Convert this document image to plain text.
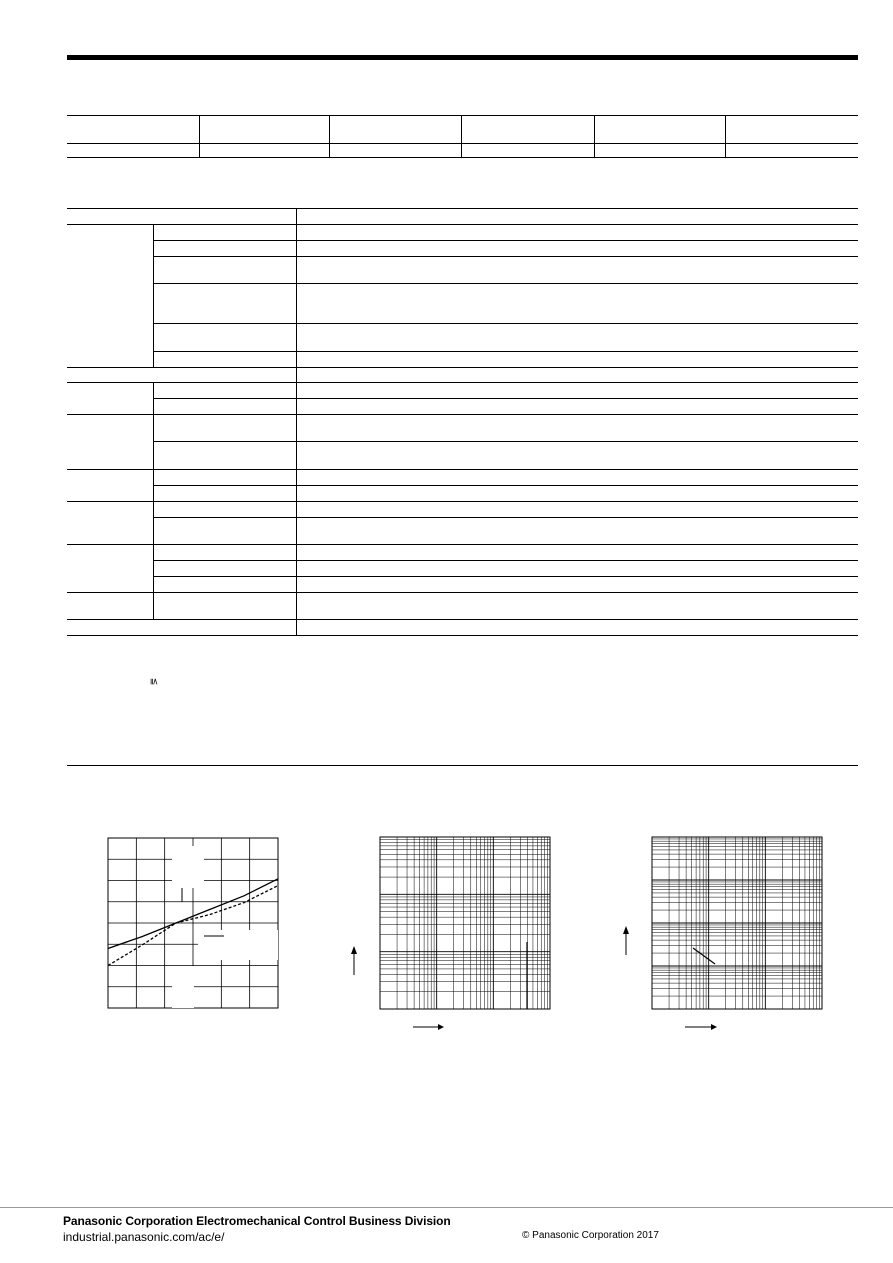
≦
Panasonic Corporation Electromechanical Control Business Division
industrial.panasonic.com/ac/e/	© Panasonic Corporation 2017
